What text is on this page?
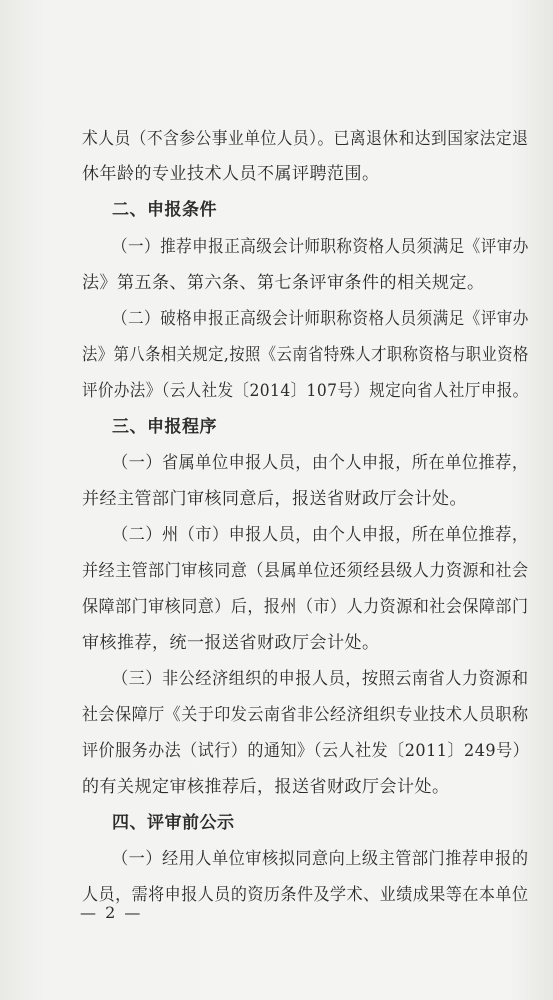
术人员（不含参公事业单位人员）。已离退休和达到国家法定退
休年龄的专业技术人员不属评聘范围。
二、申报条件
（一）推荐申报正高级会计师职称资格人员须满足《评审办
法》第五条、第六条、第七条评审条件的相关规定。
（二）破格申报正高级会计师职称资格人员须满足《评审办
法》第八条相关规定,按照《云南省特殊人才职称资格与职业资格
评价办法》（云人社发〔2014〕107号）规定向省人社厅申报。
三、申报程序
（一）省属单位申报人员，由个人申报，所在单位推荐，
并经主管部门审核同意后，报送省财政厅会计处。
（二）州（市）申报人员，由个人申报，所在单位推荐，
并经主管部门审核同意（县属单位还须经县级人力资源和社会
保障部门审核同意）后，报州（市）人力资源和社会保障部门
审核推荐，统一报送省财政厅会计处。
（三）非公经济组织的申报人员，按照云南省人力资源和
社会保障厅《关于印发云南省非公经济组织专业技术人员职称
评价服务办法（试行）的通知》（云人社发〔2011〕249号）
的有关规定审核推荐后，报送省财政厅会计处。
四、评审前公示
（一）经用人单位审核拟同意向上级主管部门推荐申报的
人员，需将申报人员的资历条件及学术、业绩成果等在本单位
— 2 —
